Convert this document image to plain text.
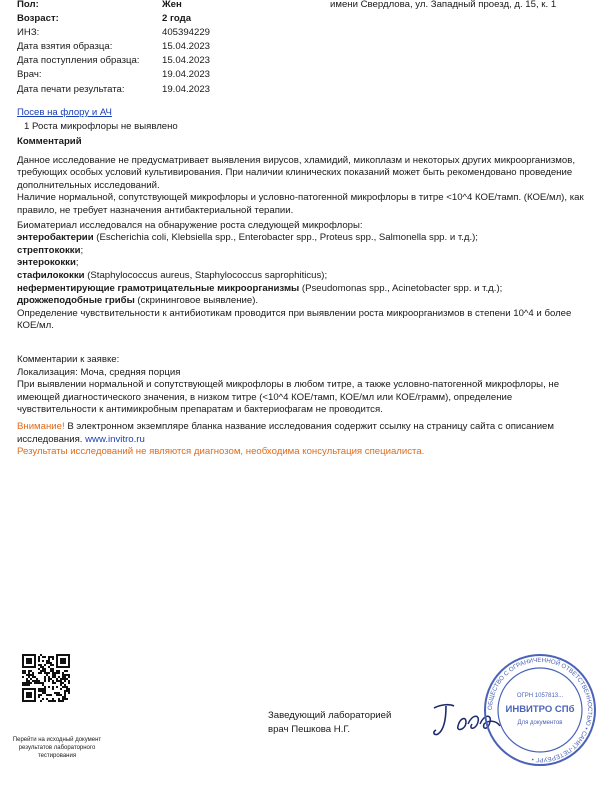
имени Свердлова, ул. Западный проезд, д. 15, к. 1
Пол:	Жен
Возраст:	2 года
ИНЗ:	405394229
Дата взятия образца:	15.04.2023
Дата поступления образца: 15.04.2023
Врач:	19.04.2023
Дата печати результата:	19.04.2023
Посев на флору и АЧ
1 Роста микрофлоры не выявлено
Комментарий
Данное исследование не предусматривает выявления вирусов, хламидий, микоплазм и некоторых других микроорганизмов, требующих особых условий культивирования. При наличии клинических показаний может быть рекомендовано проведение дополнительных исследований.
Наличие нормальной, сопутствующей микрофлоры и условно-патогенной микрофлоры в титре <10^4 КОЕ/тамп. (КОЕ/мл), как правило, не требует назначения антибактериальной терапии.
Биоматериал исследовался на обнаружение роста следующей микрофлоры:
энтеробактерии (Escherichia coli, Klebsiella spp., Enterobacter spp., Proteus spp., Salmonella spp. и т.д.);
стрептококки;
энтерококки;
стафилококки (Staphylococcus aureus, Staphylococcus saprophiticus);
неферментирующие грамотрицательные микроорганизмы (Pseudomonas spp., Acinetobacter spp. и т.д.);
дрожжеподобные грибы (скрининговое выявление).
Определение чувствительности к антибиотикам проводится при выявлении роста микроорганизмов в степени 10^4 и более КОЕ/мл.
Комментарии к заявке:
Локализация: Моча, средняя порция
При выявлении нормальной и сопутствующей микрофлоры в любом титре, а также условно-патогенной микрофлоры, не имеющей диагностического значения, в низком титре (<10^4 КОЕ/тамп, КОЕ/мл или КОЕ/грамм), определение чувствительности к антимикробным препаратам и бактериофагам не проводится.
Внимание! В электронном экземпляре бланка название исследования содержит ссылку на страницу сайта с описанием исследования. www.invitro.ru
Результаты исследований не являются диагнозом, необходима консультация специалиста.
Перейти на исходный документ результатов лабораторного тестирования
Заведующий лабораторией
врач Пешкова Н.Г.
ОБЩЕСТВО С ОГРАНИЧЕННОЙ ОТВЕТСТВЕННОСТЬЮ • САНКТ-ПЕТЕРБУРГ •
ОГРН 1057813...
ИНВИТРО СПб
Для документов
